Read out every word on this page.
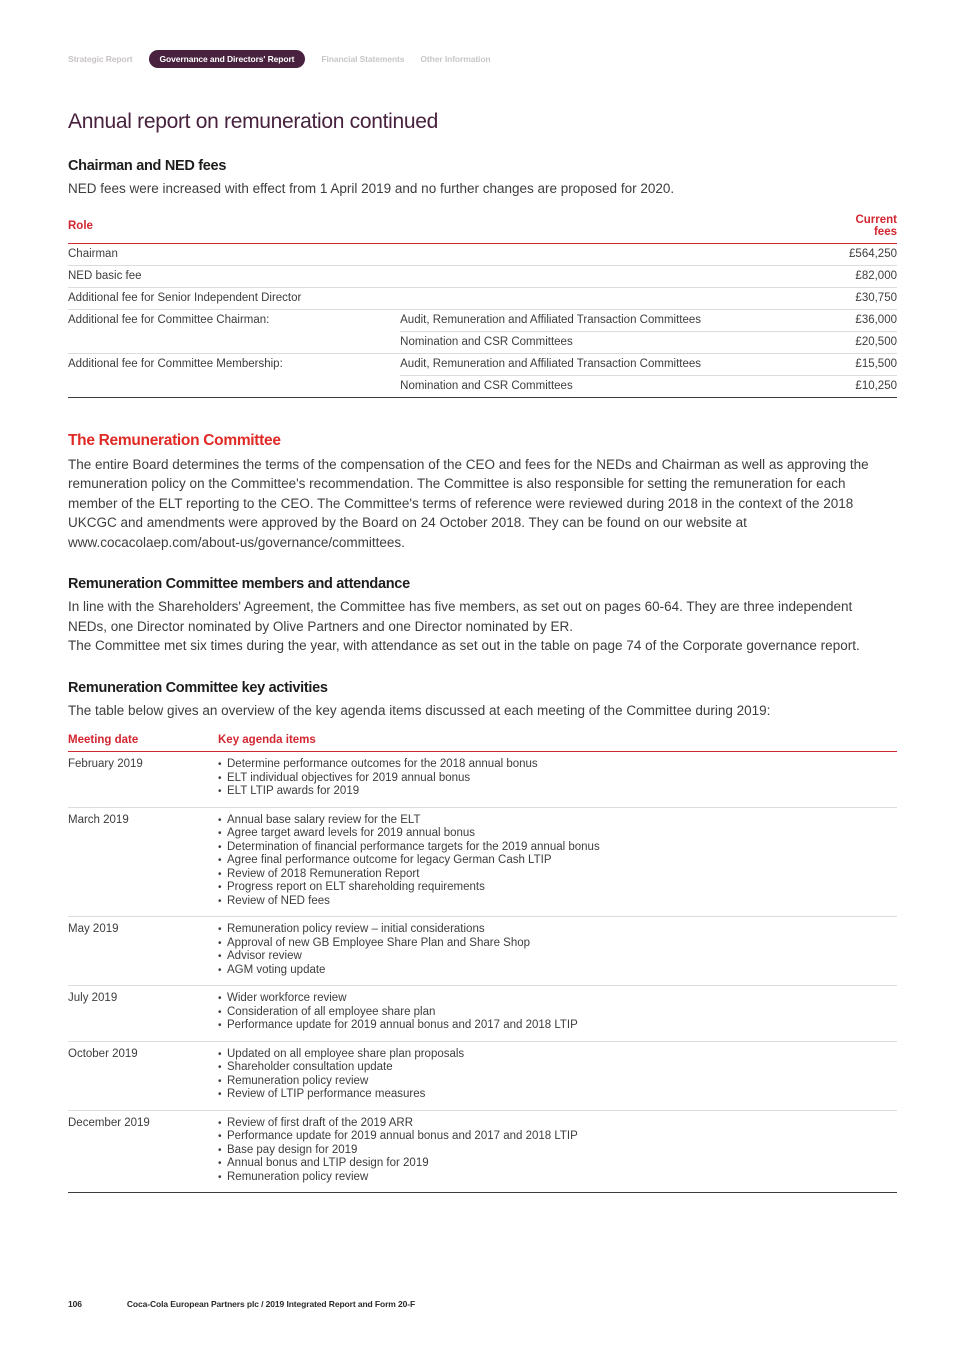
Strategic Report	Governance and Directors' Report	Financial Statements Other Information
Annual report on remuneration continued
Chairman and NED fees

NED fees were increased with effect from 1 April 2019 and no further changes are proposed for 2020.

Role		Current fees
Chairman		£564,250
NED basic fee		£82,000
Additional fee for Senior Independent Director		£30,750
Additional fee for Committee Chairman:	Audit, Remuneration and Affiliated Transaction Committees	£36,000
	Nomination and CSR Committees	£20,500
Additional fee for Committee Membership:	Audit, Remuneration and Affiliated Transaction Committees	£15,500
	Nomination and CSR Committees	£10,250
The Remuneration Committee

The entire Board determines the terms of the compensation of the CEO and fees for the NEDs and Chairman as well as approving the remuneration policy on the Committee's recommendation. The Committee is also responsible for setting the remuneration for each member of the ELT reporting to the CEO. The Committee's terms of reference were reviewed during 2018 in the context of the 2018 UKCGC and amendments were approved by the Board on 24 October 2018. They can be found on our website at www.cocacolaep.com/about-us/governance/committees.

Remuneration Committee members and attendance

In line with the Shareholders' Agreement, the Committee has five members, as set out on pages 60-64. They are three independent NEDs, one Director nominated by Olive Partners and one Director nominated by ER.
The Committee met six times during the year, with attendance as set out in the table on page 74 of the Corporate governance report.

Remuneration Committee key activities

The table below gives an overview of the key agenda items discussed at each meeting of the Committee during 2019:

Meeting date	Key agenda items
February 2019	
•Determine performance outcomes for the 2018 annual bonus
• ELT individual objectives for 2019 annual bonus
• ELT LTIP awards for 2019

March 2019	
•Annual base salary review for the ELT
• Agree target award levels for 2019 annual bonus
• Determination of financial performance targets for the 2019 annual bonus
• Agree final performance outcome for legacy German Cash LTIP
• Review of 2018 Remuneration Report
• Progress report on ELT shareholding requirements
• Review of NED fees

May 2019	
•Remuneration policy review – initial considerations
• Approval of new GB Employee Share Plan and Share Shop
• Advisor review
• AGM voting update

July 2019	
•Wider workforce review
• Consideration of all employee share plan
• Performance update for 2019 annual bonus and 2017 and 2018 LTIP

October 2019	
•Updated on all employee share plan proposals
• Shareholder consultation update
• Remuneration policy review
• Review of LTIP performance measures

December 2019	
•Review of first draft of the 2019 ARR
• Performance update for 2019 annual bonus and 2017 and 2018 LTIP
• Base pay design for 2019
• Annual bonus and LTIP design for 2019
• Remuneration policy review
106	Coca-Cola European Partners plc / 2019 Integrated Report and Form 20-F
